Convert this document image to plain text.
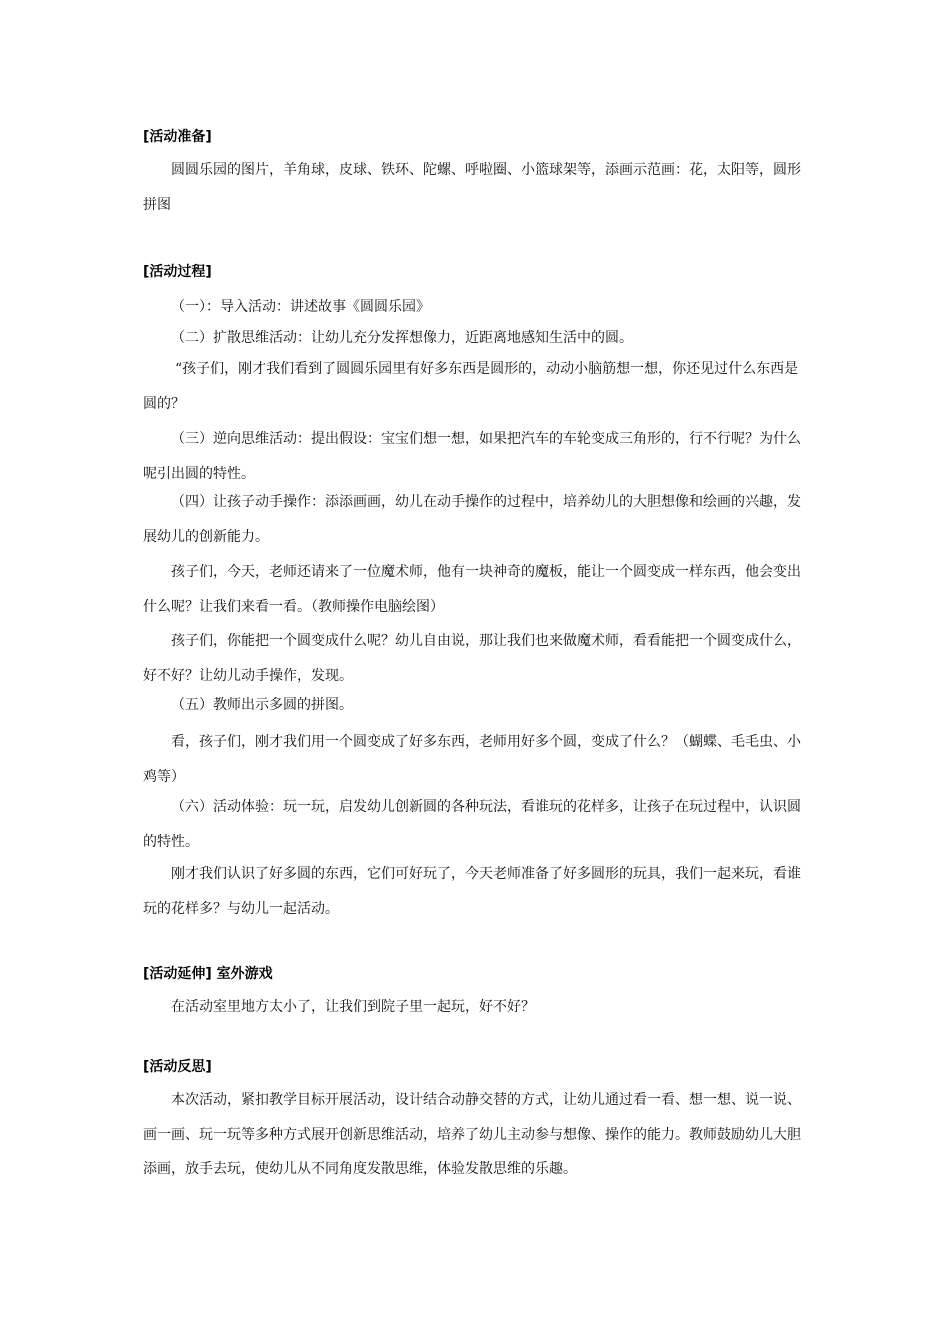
[活动准备]

圆圆乐园的图片，羊角球，皮球、铁环、陀螺、呼啦圈、小篮球架等，添画示范画：花，太阳等，圆形拼图

[活动过程]

（一）：导入活动：讲述故事《圆圆乐园》

（二）扩散思维活动：让幼儿充分发挥想像力，近距离地感知生活中的圆。

“孩子们，刚才我们看到了圆圆乐园里有好多东西是圆形的，动动小脑筋想一想，你还见过什么东西是圆的？

（三）逆向思维活动：提出假设：宝宝们想一想，如果把汽车的车轮变成三角形的，行不行呢？为什么呢引出圆的特性。

（四）让孩子动手操作：添添画画，幼儿在动手操作的过程中，培养幼儿的大胆想像和绘画的兴趣，发展幼儿的创新能力。

孩子们，今天，老师还请来了一位魔术师，他有一块神奇的魔板，能让一个圆变成一样东西，他会变出什么呢？让我们来看一看。（教师操作电脑绘图）

孩子们，你能把一个圆变成什么呢？幼儿自由说，那让我们也来做魔术师，看看能把一个圆变成什么，好不好？让幼儿动手操作，发现。

（五）教师出示多圆的拼图。

看，孩子们，刚才我们用一个圆变成了好多东西，老师用好多个圆，变成了什么？（蝴蝶、毛毛虫、小鸡等）

（六）活动体验：玩一玩，启发幼儿创新圆的各种玩法，看谁玩的花样多，让孩子在玩过程中，认识圆的特性。

刚才我们认识了好多圆的东西，它们可好玩了，今天老师准备了好多圆形的玩具，我们一起来玩，看谁玩的花样多？与幼儿一起活动。

[活动延伸] 室外游戏

在活动室里地方太小了，让我们到院子里一起玩，好不好？

[活动反思]

本次活动，紧扣教学目标开展活动，设计结合动静交替的方式，让幼儿通过看一看、想一想、说一说、画一画、玩一玩等多种方式展开创新思维活动，培养了幼儿主动参与想像、操作的能力。教师鼓励幼儿大胆添画，放手去玩，使幼儿从不同角度发散思维，体验发散思维的乐趣。
